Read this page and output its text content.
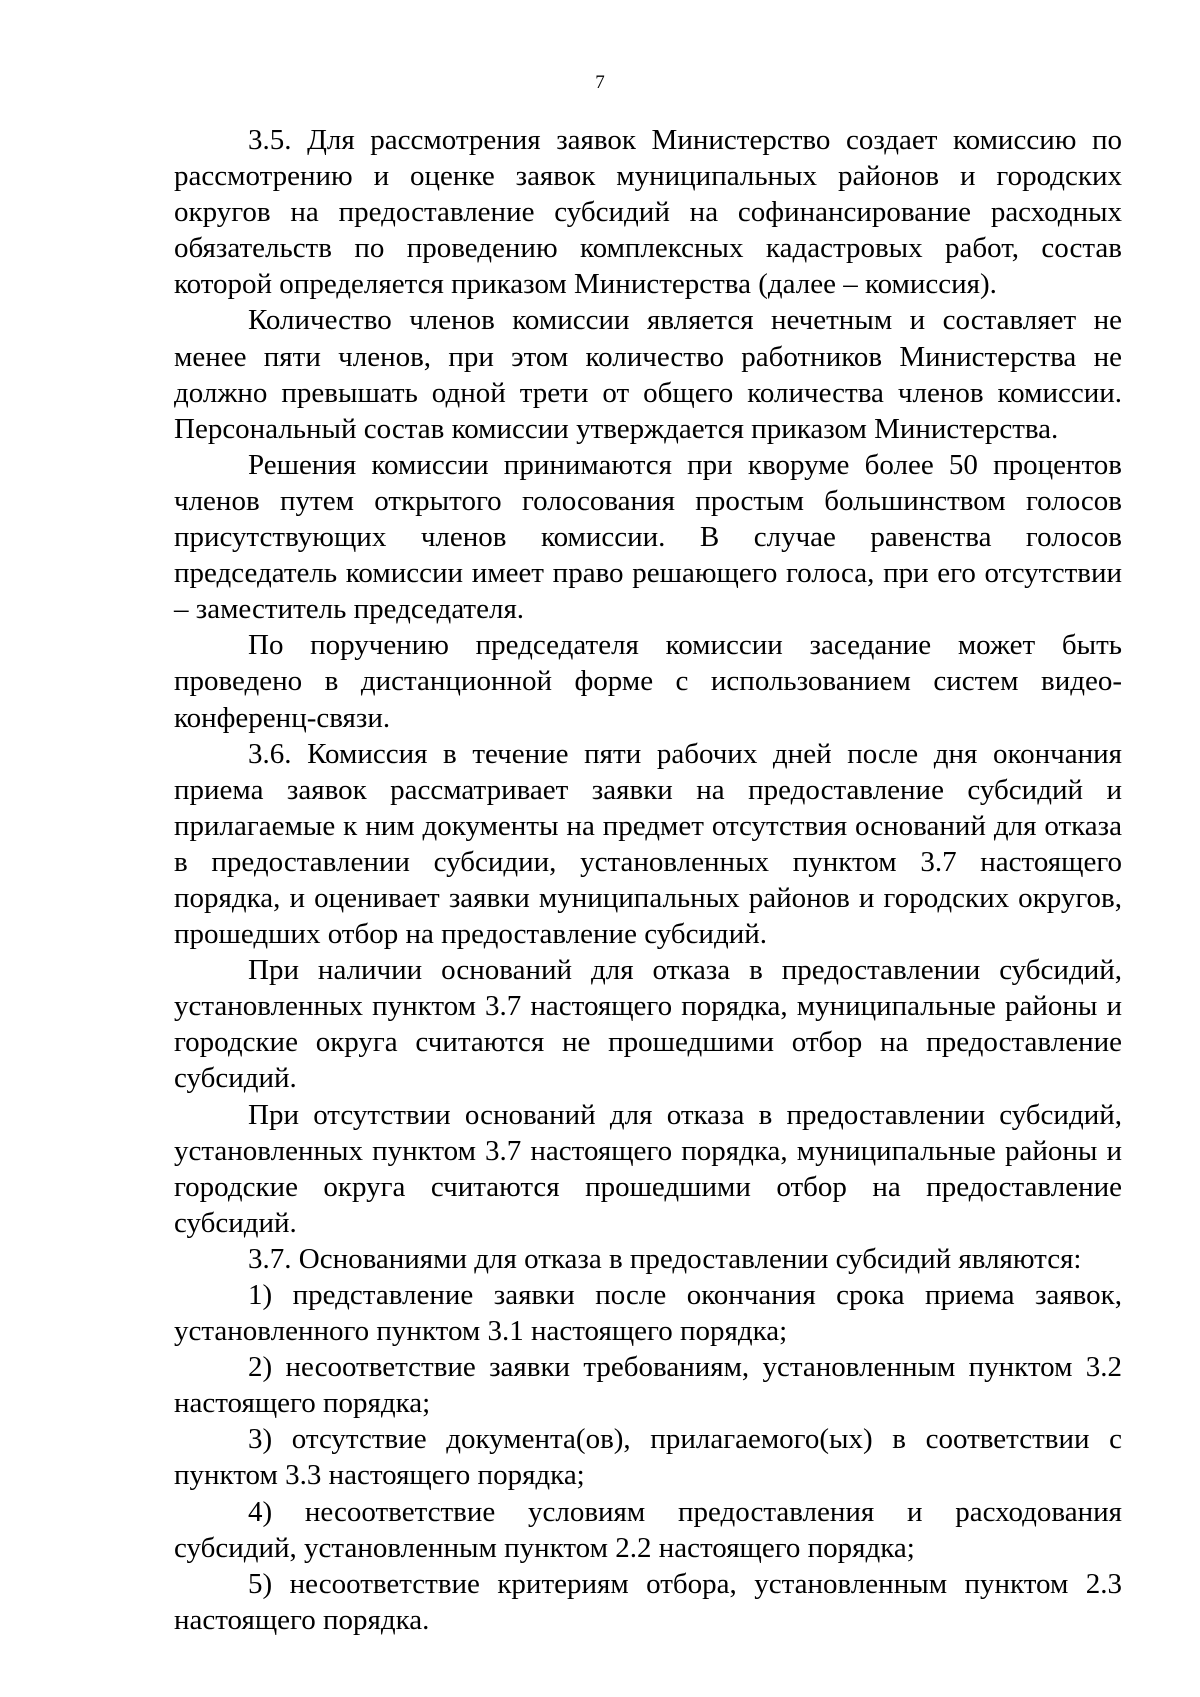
7

3.5. Для рассмотрения заявок Министерство создает комиссию по рассмотрению и оценке заявок муниципальных районов и городских округов на предоставление субсидий на софинансирование расходных обязательств по проведению комплексных кадастровых работ, состав которой определяется приказом Министерства (далее – комиссия).

Количество членов комиссии является нечетным и составляет не менее пяти членов, при этом количество работников Министерства не должно превышать одной трети от общего количества членов комиссии. Персональный состав комиссии утверждается приказом Министерства.

Решения комиссии принимаются при кворуме более 50 процентов членов путем открытого голосования простым большинством голосов присутствующих членов комиссии. В случае равенства голосов председатель комиссии имеет право решающего голоса, при его отсутствии – заместитель председателя.

По поручению председателя комиссии заседание может быть проведено в дистанционной форме с использованием систем видео-конференц-связи.

3.6. Комиссия в течение пяти рабочих дней после дня окончания приема заявок рассматривает заявки на предоставление субсидий и прилагаемые к ним документы на предмет отсутствия оснований для отказа в предоставлении субсидии, установленных пунктом 3.7 настоящего порядка, и оценивает заявки муниципальных районов и городских округов, прошедших отбор на предоставление субсидий.

При наличии оснований для отказа в предоставлении субсидий, установленных пунктом 3.7 настоящего порядка, муниципальные районы и городские округа считаются не прошедшими отбор на предоставление субсидий.

При отсутствии оснований для отказа в предоставлении субсидий, установленных пунктом 3.7 настоящего порядка, муниципальные районы и городские округа считаются прошедшими отбор на предоставление субсидий.

3.7. Основаниями для отказа в предоставлении субсидий являются:

1) представление заявки после окончания срока приема заявок, установленного пунктом 3.1 настоящего порядка;

2) несоответствие заявки требованиям, установленным пунктом 3.2 настоящего порядка;

3) отсутствие документа(ов), прилагаемого(ых) в соответствии с пунктом 3.3 настоящего порядка;

4) несоответствие условиям предоставления и расходования субсидий, установленным пунктом 2.2 настоящего порядка;

5) несоответствие критериям отбора, установленным пунктом 2.3 настоящего порядка.
